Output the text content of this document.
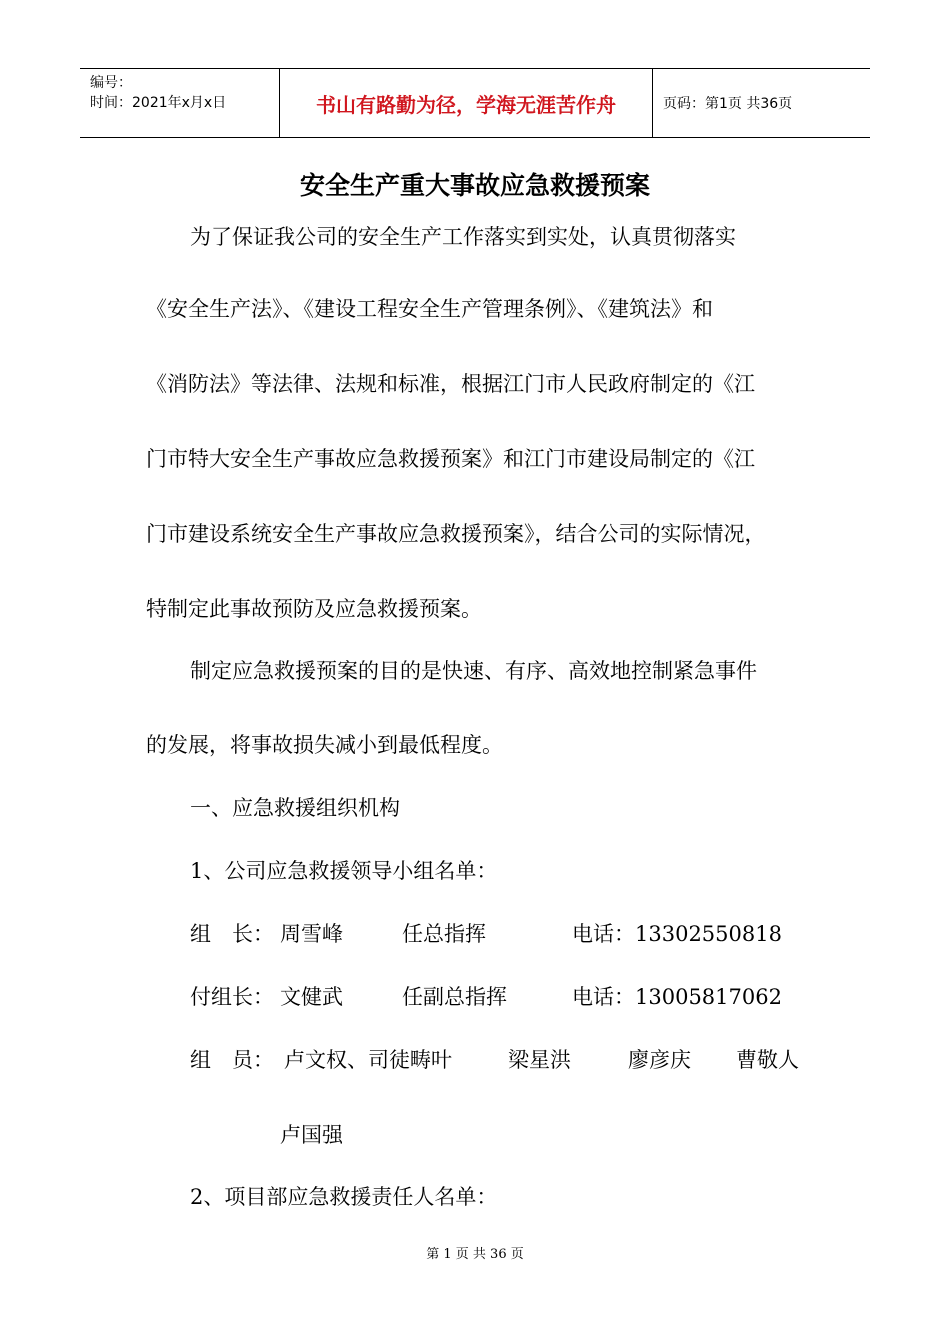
编号：
时间：2021年x月x日	书山有路勤为径，学海无涯苦作舟	页码：第1页 共36页
安全生产重大事故应急救援预案
为了保证我公司的安全生产工作落实到实处，认真贯彻落实
《安全生产法》、《建设工程安全生产管理条例》、《建筑法》和
《消防法》等法律、法规和标准，根据江门市人民政府制定的《江
门市特大安全生产事故应急救援预案》和江门市建设局制定的《江
门市建设系统安全生产事故应急救援预案》，结合公司的实际情况，
特制定此事故预防及应急救援预案。
制定应急救援预案的目的是快速、有序、高效地控制紧急事件
的发展，将事故损失减小到最低程度。
一、应急救援组织机构
1、公司应急救援领导小组名单：
组　长： 周雪峰	任总指挥	电话：13302550818
付组长： 文健武	任副总指挥	电话：13005817062
组　员： 卢文权、司徒畴叶	梁星洪	廖彦庆 曹敬人
卢国强
2、项目部应急救援责任人名单：
第 1 页 共 36 页
